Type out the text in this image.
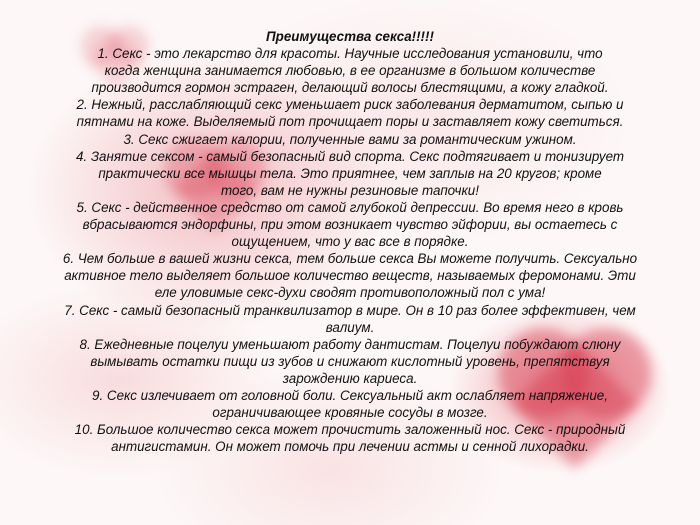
Преимущества секса!!!!!
1. Секс - это лекарство для красоты. Научные исследования установили, что
когда женщина занимается любовью, в ее организме в большом количестве
производится гормон эстраген, делающий волосы блестящими, а кожу гладкой.
2. Нежный, расслабляющий секс уменьшает риск заболевания дерматитом, сыпью и
пятнами на коже. Выделяемый пот прочищает поры и заставляет кожу светиться.
3. Секс сжигает калории, полученные вами за романтическим ужином.
4. Занятие сексом - самый безопасный вид спорта. Секс подтягивает и тонизирует
практически все мышцы тела. Это приятнее, чем заплыв на 20 кругов; кроме
того, вам не нужны резиновые тапочки!
5. Секс - действенное средство от самой глубокой депрессии. Во время него в кровь
вбрасываются эндорфины, при этом возникает чувство эйфории, вы остаетесь с
ощущением, что у вас все в порядке.
6. Чем больше в вашей жизни секса, тем больше секса Вы можете получить. Сексуально
активное тело выделяет большое количество веществ, называемых феромонами. Эти
еле уловимые секс-духи сводят противоположный пол с ума!
7. Секс - самый безопасный транквилизатор в мире. Он в 10 раз более эффективен, чем
валиум.
8. Ежедневные поцелуи уменьшают работу дантистам. Поцелуи побуждают слюну
вымывать остатки пищи из зубов и снижают кислотный уровень, препятствуя
зарождению кариеса.
9. Секс излечивает от головной боли. Сексуальный акт ослабляет напряжение,
ограничивающее кровяные сосуды в мозге.
10. Большое количество секса может прочистить заложенный нос. Секс - природный
антигистамин. Он может помочь при лечении астмы и сенной лихорадки.
